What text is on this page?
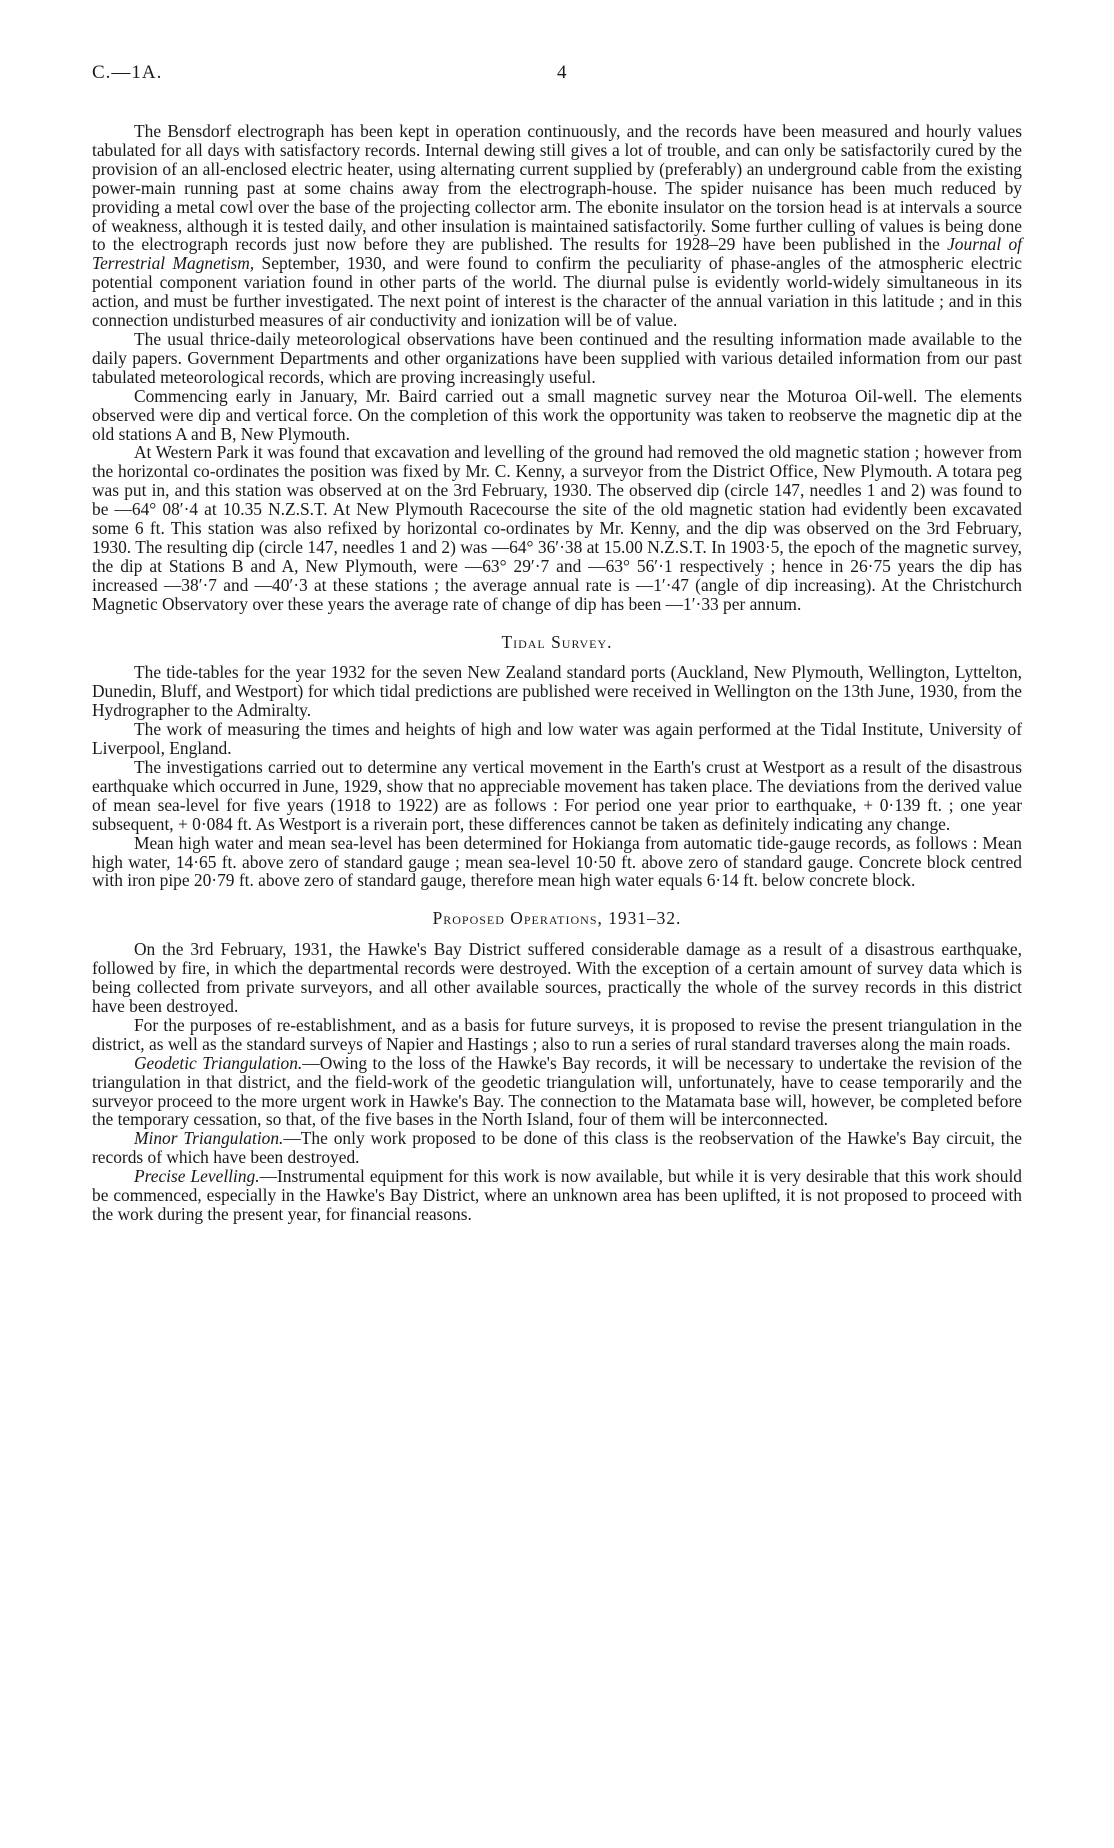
C.—1A.	4

The Bensdorf electrograph has been kept in operation continuously, and the records have been measured and hourly values tabulated for all days with satisfactory records. Internal dewing still gives a lot of trouble, and can only be satisfactorily cured by the provision of an all-enclosed electric heater, using alternating current supplied by (preferably) an underground cable from the existing power-main running past at some chains away from the electrograph-house. The spider nuisance has been much reduced by providing a metal cowl over the base of the projecting collector arm. The ebonite insulator on the torsion head is at intervals a source of weakness, although it is tested daily, and other insulation is maintained satisfactorily. Some further culling of values is being done to the electrograph records just now before they are published. The results for 1928–29 have been published in the Journal of Terrestrial Magnetism, September, 1930, and were found to confirm the peculiarity of phase-angles of the atmospheric electric potential component variation found in other parts of the world. The diurnal pulse is evidently world-widely simultaneous in its action, and must be further investigated. The next point of interest is the character of the annual variation in this latitude ; and in this connection undisturbed measures of air conductivity and ionization will be of value.

The usual thrice-daily meteorological observations have been continued and the resulting information made available to the daily papers. Government Departments and other organizations have been supplied with various detailed information from our past tabulated meteorological records, which are proving increasingly useful.

Commencing early in January, Mr. Baird carried out a small magnetic survey near the Moturoa Oil-well. The elements observed were dip and vertical force. On the completion of this work the opportunity was taken to reobserve the magnetic dip at the old stations A and B, New Plymouth.

At Western Park it was found that excavation and levelling of the ground had removed the old magnetic station ; however from the horizontal co-ordinates the position was fixed by Mr. C. Kenny, a surveyor from the District Office, New Plymouth. A totara peg was put in, and this station was observed at on the 3rd February, 1930. The observed dip (circle 147, needles 1 and 2) was found to be —64° 08′·4 at 10.35 N.Z.S.T. At New Plymouth Racecourse the site of the old magnetic station had evidently been excavated some 6 ft. This station was also refixed by horizontal co-ordinates by Mr. Kenny, and the dip was observed on the 3rd February, 1930. The resulting dip (circle 147, needles 1 and 2) was —64° 36′·38 at 15.00 N.Z.S.T. In 1903·5, the epoch of the magnetic survey, the dip at Stations B and A, New Plymouth, were —63° 29′·7 and —63° 56′·1 respectively ; hence in 26·75 years the dip has increased —38′·7 and —40′·3 at these stations ; the average annual rate is —1′·47 (angle of dip increasing). At the Christchurch Magnetic Observatory over these years the average rate of change of dip has been —1′·33 per annum.

Tidal Survey.

The tide-tables for the year 1932 for the seven New Zealand standard ports (Auckland, New Plymouth, Wellington, Lyttelton, Dunedin, Bluff, and Westport) for which tidal predictions are published were received in Wellington on the 13th June, 1930, from the Hydrographer to the Admiralty.

The work of measuring the times and heights of high and low water was again performed at the Tidal Institute, University of Liverpool, England.

The investigations carried out to determine any vertical movement in the Earth's crust at Westport as a result of the disastrous earthquake which occurred in June, 1929, show that no appreciable movement has taken place. The deviations from the derived value of mean sea-level for five years (1918 to 1922) are as follows : For period one year prior to earthquake, + 0·139 ft. ; one year subsequent, + 0·084 ft. As Westport is a riverain port, these differences cannot be taken as definitely indicating any change.

Mean high water and mean sea-level has been determined for Hokianga from automatic tide-gauge records, as follows : Mean high water, 14·65 ft. above zero of standard gauge ; mean sea-level 10·50 ft. above zero of standard gauge. Concrete block centred with iron pipe 20·79 ft. above zero of standard gauge, therefore mean high water equals 6·14 ft. below concrete block.

Proposed Operations, 1931–32.

On the 3rd February, 1931, the Hawke's Bay District suffered considerable damage as a result of a disastrous earthquake, followed by fire, in which the departmental records were destroyed. With the exception of a certain amount of survey data which is being collected from private surveyors, and all other available sources, practically the whole of the survey records in this district have been destroyed.

For the purposes of re-establishment, and as a basis for future surveys, it is proposed to revise the present triangulation in the district, as well as the standard surveys of Napier and Hastings ; also to run a series of rural standard traverses along the main roads.

Geodetic Triangulation.—Owing to the loss of the Hawke's Bay records, it will be necessary to undertake the revision of the triangulation in that district, and the field-work of the geodetic triangulation will, unfortunately, have to cease temporarily and the surveyor proceed to the more urgent work in Hawke's Bay. The connection to the Matamata base will, however, be completed before the temporary cessation, so that, of the five bases in the North Island, four of them will be interconnected.

Minor Triangulation.—The only work proposed to be done of this class is the reobservation of the Hawke's Bay circuit, the records of which have been destroyed.

Precise Levelling.—Instrumental equipment for this work is now available, but while it is very desirable that this work should be commenced, especially in the Hawke's Bay District, where an unknown area has been uplifted, it is not proposed to proceed with the work during the present year, for financial reasons.
